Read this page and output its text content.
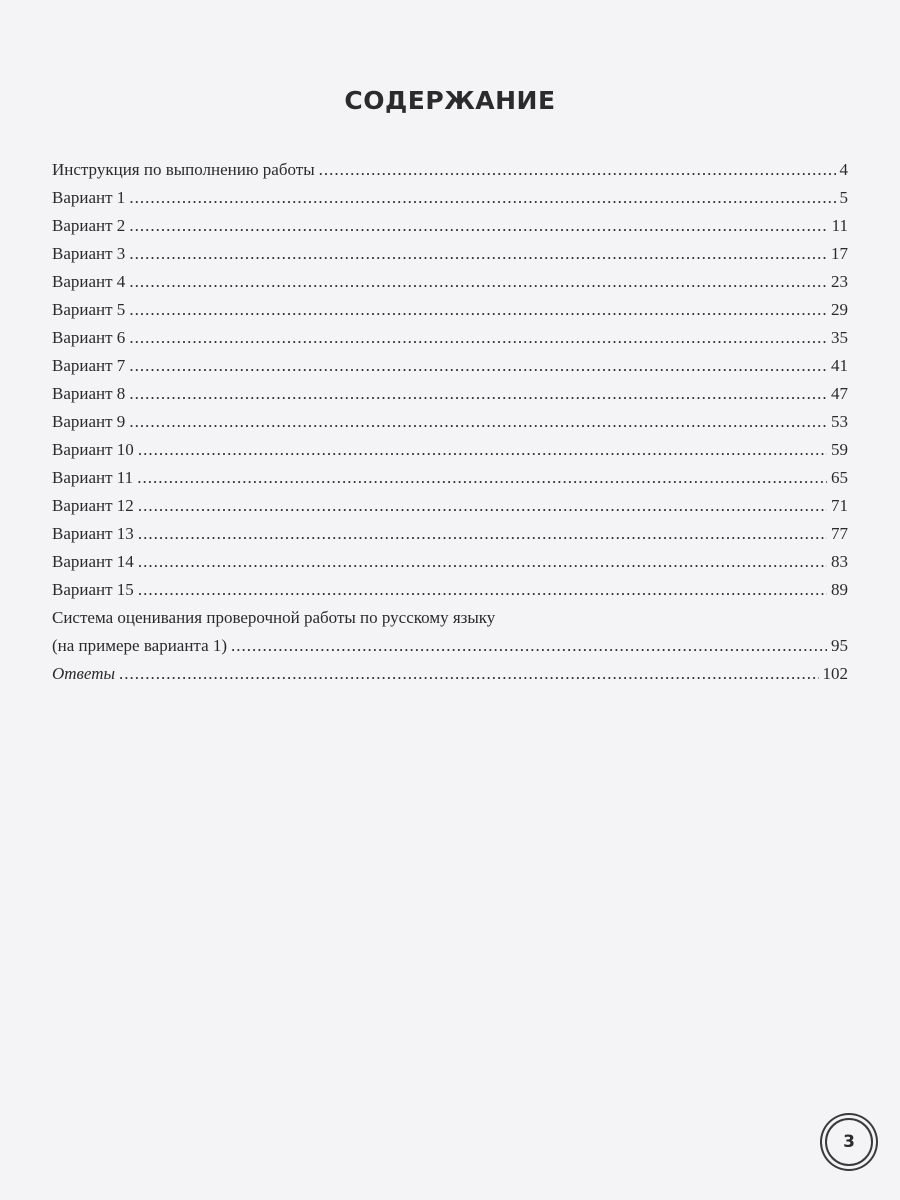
СОДЕРЖАНИЕ
Инструкция по выполнению работы .....	4
Вариант 1 .....	5
Вариант 2 .....	11
Вариант 3 .....	17
Вариант 4 .....	23
Вариант 5 .....	29
Вариант 6 .....	35
Вариант 7 .....	41
Вариант 8 .....	47
Вариант 9 .....	53
Вариант 10 .....	59
Вариант 11 .....	65
Вариант 12 .....	71
Вариант 13 .....	77
Вариант 14 .....	83
Вариант 15 .....	89
Система оценивания проверочной работы по русскому языку
(на примере варианта 1) .....	95
Ответы .....	102
3
